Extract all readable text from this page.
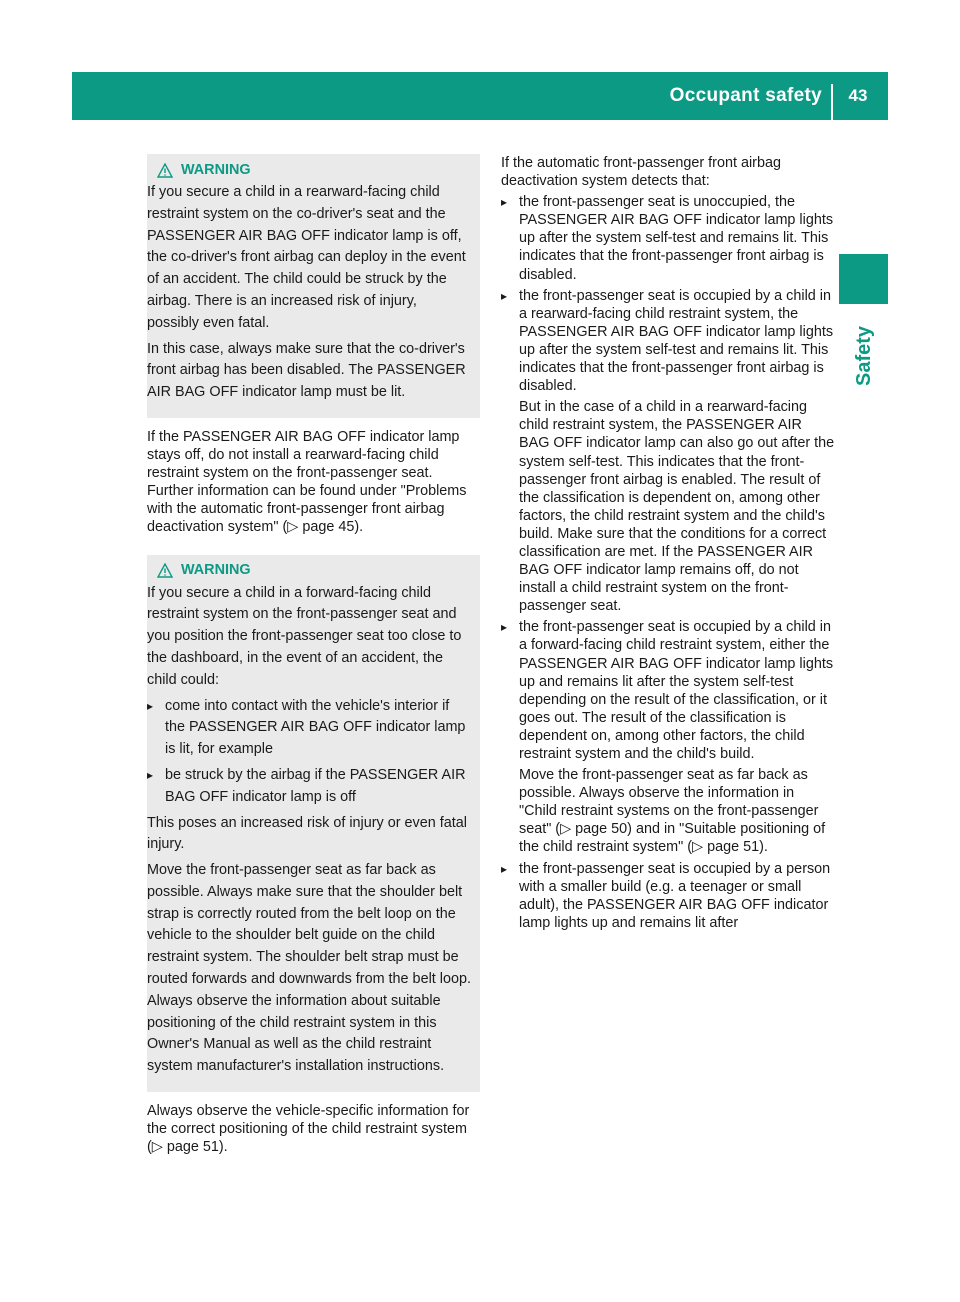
Occupant safety	43
Safety
WARNING

If you secure a child in a rearward-facing child restraint system on the co-driver's seat and the PASSENGER AIR BAG OFF indicator lamp is off, the co-driver's front airbag can deploy in the event of an accident. The child could be struck by the airbag. There is an increased risk of injury, possibly even fatal.

In this case, always make sure that the co-driver's front airbag has been disabled. The PASSENGER AIR BAG OFF indicator lamp must be lit.

If the PASSENGER AIR BAG OFF indicator lamp stays off, do not install a rearward-facing child restraint system on the front-passenger seat. Further information can be found under "Problems with the automatic front-passenger front airbag deactivation system" (▷ page 45).

WARNING

If you secure a child in a forward-facing child restraint system on the front-passenger seat and you position the front-passenger seat too close to the dashboard, in the event of an accident, the child could:

▸ come into contact with the vehicle's interior if the PASSENGER AIR BAG OFF indicator lamp is lit, for example

▸ be struck by the airbag if the PASSENGER AIR BAG OFF indicator lamp is off

This poses an increased risk of injury or even fatal injury.

Move the front-passenger seat as far back as possible. Always make sure that the shoulder belt strap is correctly routed from the belt loop on the vehicle to the shoulder belt guide on the child restraint system. The shoulder belt strap must be routed forwards and downwards from the belt loop. Always observe the information about suitable positioning of the child restraint system in this Owner's Manual as well as the child restraint system manufacturer's installation instructions.

Always observe the vehicle-specific information for the correct positioning of the child restraint system (▷ page 51).

If the automatic front-passenger front airbag deactivation system detects that:

▸ the front-passenger seat is unoccupied, the PASSENGER AIR BAG OFF indicator lamp lights up after the system self-test and remains lit. This indicates that the front-passenger front airbag is disabled.

▸ the front-passenger seat is occupied by a child in a rearward-facing child restraint system, the PASSENGER AIR BAG OFF indicator lamp lights up after the system self-test and remains lit. This indicates that the front-passenger front airbag is disabled.

But in the case of a child in a rearward-facing child restraint system, the PASSENGER AIR BAG OFF indicator lamp can also go out after the system self-test. This indicates that the front-passenger front airbag is enabled. The result of the classification is dependent on, among other factors, the child restraint system and the child's build. Make sure that the conditions for a correct classification are met. If the PASSENGER AIR BAG OFF indicator lamp remains off, do not install a child restraint system on the front-passenger seat.

▸ the front-passenger seat is occupied by a child in a forward-facing child restraint system, either the PASSENGER AIR BAG OFF indicator lamp lights up and remains lit after the system self-test depending on the result of the classification, or it goes out. The result of the classification is dependent on, among other factors, the child restraint system and the child's build.

Move the front-passenger seat as far back as possible. Always observe the information in "Child restraint systems on the front-passenger seat" (▷ page 50) and in "Suitable positioning of the child restraint system" (▷ page 51).

▸ the front-passenger seat is occupied by a person with a smaller build (e.g. a teenager or small adult), the PASSENGER AIR BAG OFF indicator lamp lights up and remains lit after
